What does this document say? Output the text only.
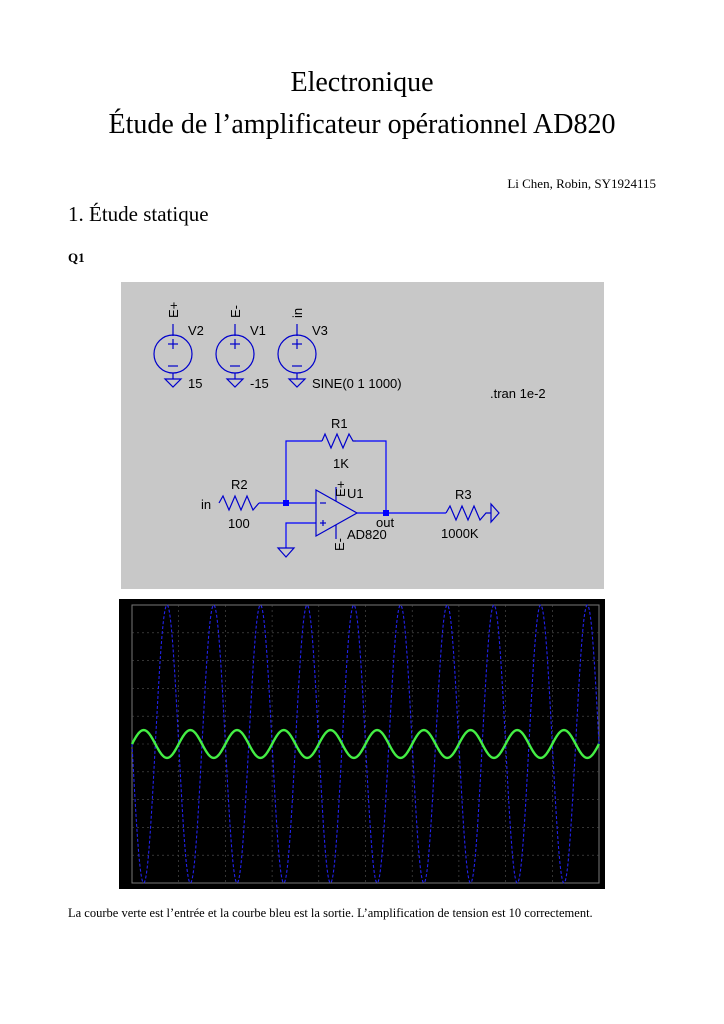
Electronique
Étude de l’amplificateur opérationnel AD820
Li Chen, Robin, SY1924115
1. Étude statique
Q1
E+
V2
15
E-
V1
-15
in
V3
SINE(0 1 1000)
.tran 1e-2
R1
1K
R2
100
in
R3
1000K
E+ U1
E-
AD820
out
La courbe verte est l’entrée et la courbe bleu est la sortie. L’amplification de tension est 10 correctement.
